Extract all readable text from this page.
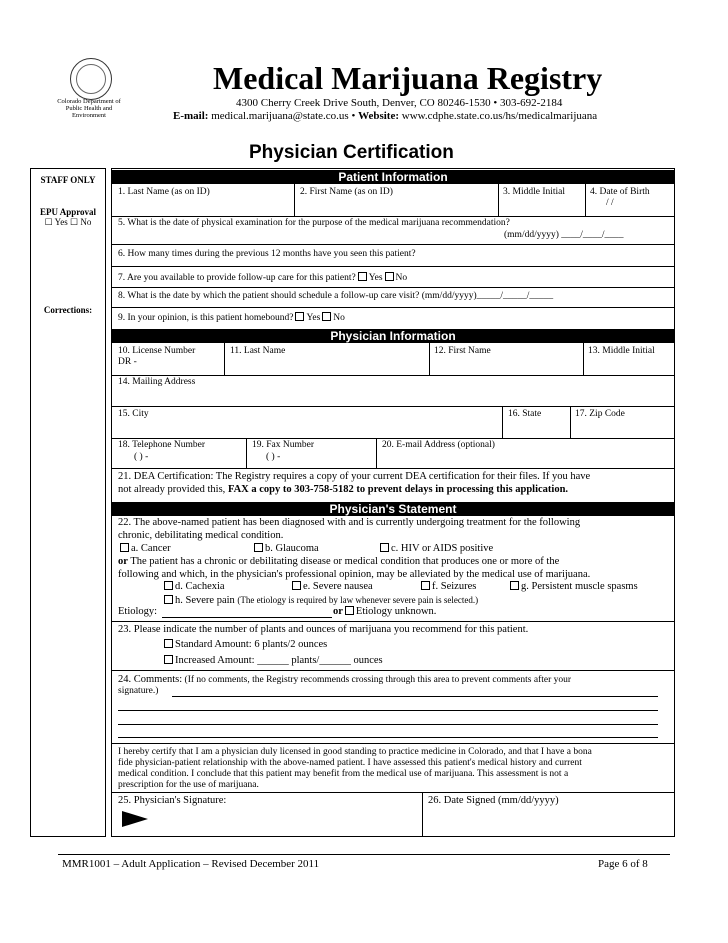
Colorado Department of Public Health and Environment
Medical Marijuana Registry
4300 Cherry Creek Drive South, Denver, CO 80246-1530 • 303-692-2184
E-mail: medical.marijuana@state.co.us • Website: www.cdphe.state.co.us/hs/medicalmarijuana
Physician Certification
STAFF ONLY
EPU Approval
☐ Yes ☐ No
Corrections:
Patient Information
1. Last Name (as on ID)	2. First Name (as on ID)	3. Middle Initial	4. Date of Birth
/ /
5. What is the date of physical examination for the purpose of the medical marijuana recommendation?
(mm/dd/yyyy) ____/____/____
6. How many times during the previous 12 months have you seen this patient?
7. Are you available to provide follow-up care for this patient? Yes No
8. What is the date by which the patient should schedule a follow-up care visit? (mm/dd/yyyy)_____/_____/_____
9. In your opinion, is this patient homebound? Yes No
Physician Information
10. License Number
DR -
11. Last Name	12. First Name	13. Middle Initial
14. Mailing Address
15. City	16. State	17. Zip Code
18. Telephone Number
( ) -
19. Fax Number
( ) -
20. E-mail Address (optional)
21. DEA Certification: The Registry requires a copy of your current DEA certification for their files. If you have
not already provided this, FAX a copy to 303-758-5182 to prevent delays in processing this application.
Physician's Statement
22. The above-named patient has been diagnosed with and is currently undergoing treatment for the following
chronic, debilitating medical condition.
a. Cancer	b. Glaucoma	c. HIV or AIDS positive
or The patient has a chronic or debilitating disease or medical condition that produces one or more of the
following and which, in the physician's professional opinion, may be alleviated by the medical use of marijuana.
d. Cachexia	e. Severe nausea	f. Seizures	g. Persistent muscle spasms
h. Severe pain (The etiology is required by law whenever severe pain is selected.)
Etiology:	or Etiology unknown.
23. Please indicate the number of plants and ounces of marijuana you recommend for this patient.
Standard Amount: 6 plants/2 ounces
Increased Amount: ______ plants/______ ounces
24. Comments: (If no comments, the Registry recommends crossing through this area to prevent comments after your
signature.)
I hereby certify that I am a physician duly licensed in good standing to practice medicine in Colorado, and that I have a bona
fide physician-patient relationship with the above-named patient. I have assessed this patient's medical history and current
medical condition. I conclude that this patient may benefit from the medical use of marijuana. This assessment is not a
prescription for the use of marijuana.
25. Physician's Signature:	26. Date Signed (mm/dd/yyyy)
MMR1001 – Adult Application – Revised December 2011	Page 6 of 8
